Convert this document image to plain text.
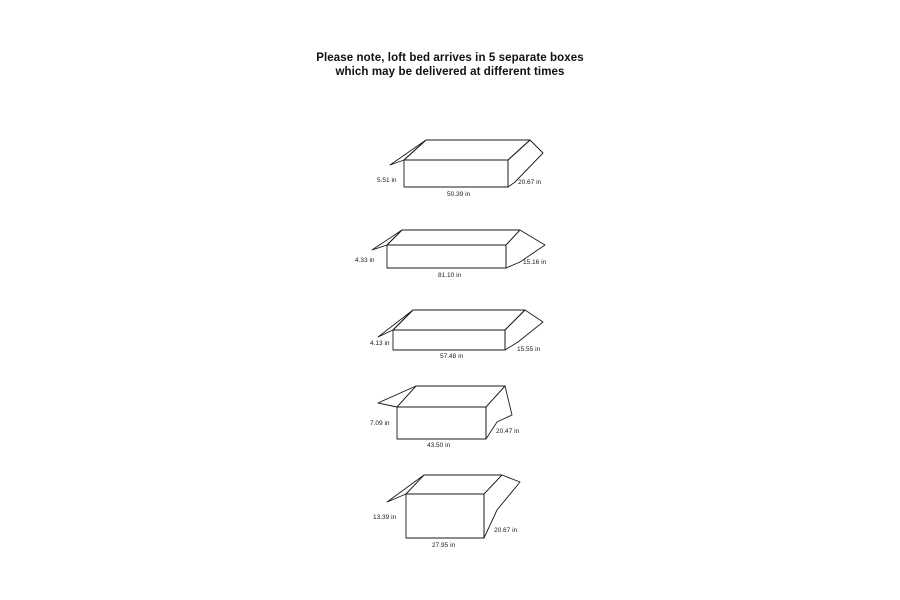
Please note, loft bed arrives in 5 separate boxes
which may be delivered at different times
5.51 in
50.39 in
20.67 in
4.33 in
81.10 in
15.16 in
4.13 in
57.48 in
15.55 in
7.09 in
43.50 in
20.47 in
13.39 in
27.95 in
20.67 in
